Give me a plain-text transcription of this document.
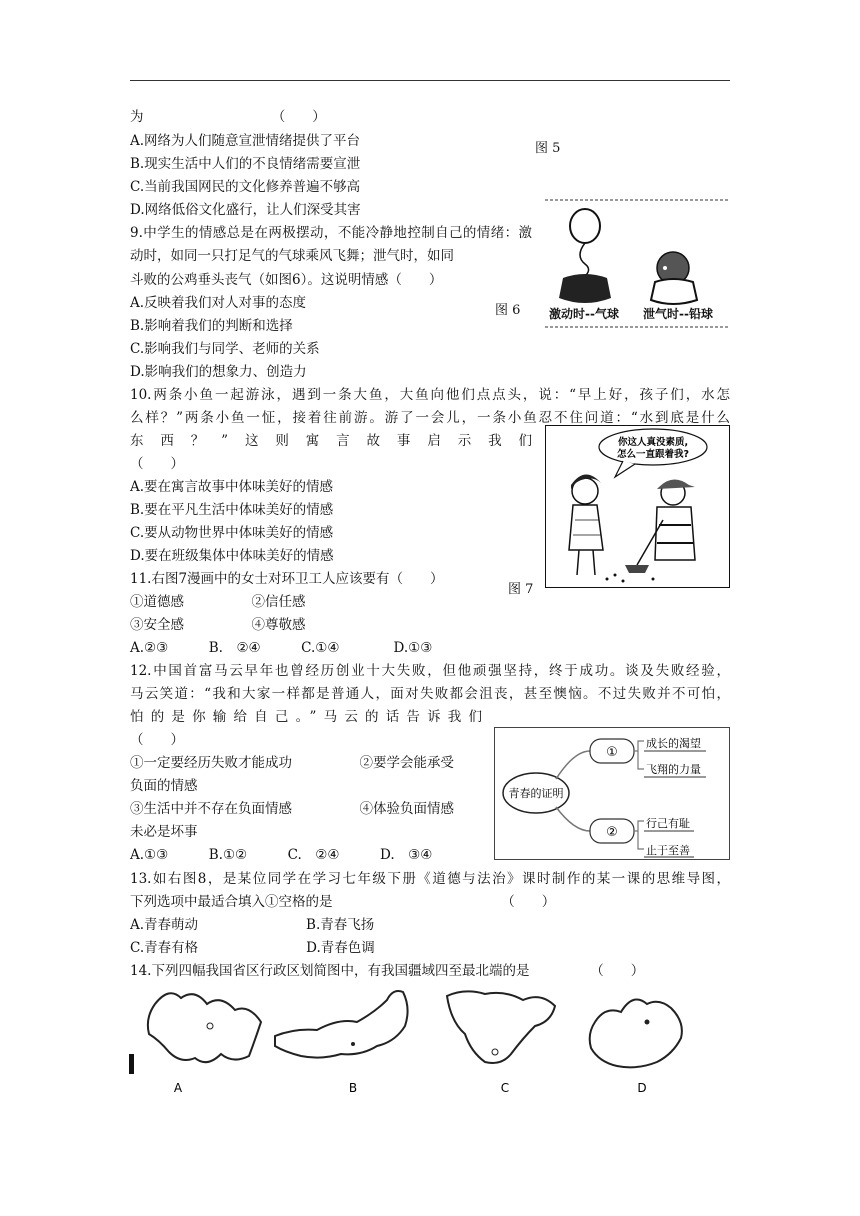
为　　　　　　　　　　（　　）
A.网络为人们随意宣泄情绪提供了平台
B.现实生活中人们的不良情绪需要宣泄
C.当前我国网民的文化修养普遍不够高
D.网络低俗文化盛行，让人们深受其害
9.中学生的情感总是在两极摆动，不能冷静地控制自己的情绪：激动时，如同一只打足气的气球乘风飞舞；泄气时，如同
斗败的公鸡垂头丧气（如图6）。这说明情感（　　）
A.反映着我们对人对事的态度
B.影响着我们的判断和选择
C.影响我们与同学、老师的关系
D.影响我们的想象力、创造力
10.两条小鱼一起游泳，遇到一条大鱼，大鱼向他们点点头，说：“早上好，孩子们，水怎
么样？”两条小鱼一怔，接着往前游。游了一会儿，一条小鱼忍不住问道：“水到底是什么
东西？”这则寓言故事启示我们
（　　）
A.要在寓言故事中体味美好的情感
B.要在平凡生活中体味美好的情感
C.要从动物世界中体味美好的情感
D.要在班级集体中体味美好的情感
11.右图7漫画中的女士对环卫工人应该要有（　　）
①道德感　　　　　②信任感
③安全感　　　　　④尊敬感
A.②③　　　B.　②④　　　C.①④　　　　D.①③
12.中国首富马云早年也曾经历创业十大失败，但他顽强坚持，终于成功。谈及失败经验，
马云笑道：“我和大家一样都是普通人，面对失败都会沮丧，甚至懊恼。不过失败并不可怕，
怕的是你输给自己。”马云的话告诉我们
（　　）
①一定要经历失败才能成功　　　　　②要学会能承受
负面的情感
③生活中并不存在负面情感　　　　　④体验负面情感
未必是坏事
A.①③　　　B.①②　　　C.　②④　　　D.　③④
13.如右图8，是某位同学在学习七年级下册《道德与法治》课时制作的某一课的思维导图，
下列选项中最适合填入①空格的是　　　　　　　　　　　　　（　　）
A.青春萌动　　　　　　　　B.青春飞扬
C.青春有格　　　　　　　　D.青春色调
14.下列四幅我国省区行政区划简图中，有我国疆域四至最北端的是　　　　　（　　）
图 5
图 6
图 7
激动时--气球 泄气时--铅球
你这人真没素质,
怎么一直跟着我?
青春的证明
①
②
成长的渴望
飞翔的力量
行己有耻
止于至善
A	B	C	D
